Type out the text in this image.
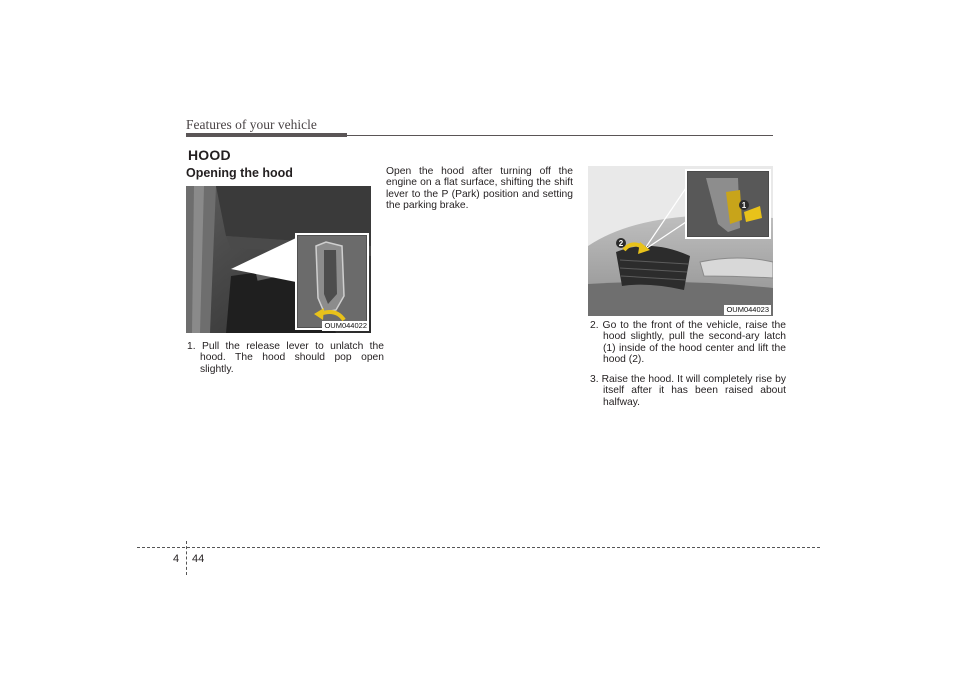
Features of your vehicle
HOOD
Opening the hood
OUM044022
1
2
OUM044023
1. Pull the release lever to unlatch the hood. The hood should pop open slightly.
Open the hood after turning off the engine on a flat surface, shifting the shift lever to the P (Park) position and setting the parking brake.
2. Go to the front of the vehicle, raise the hood slightly, pull the second-ary latch (1) inside of the hood center and lift the hood (2).
3. Raise the hood. It will completely rise by itself after it has been raised about halfway.
4 44
